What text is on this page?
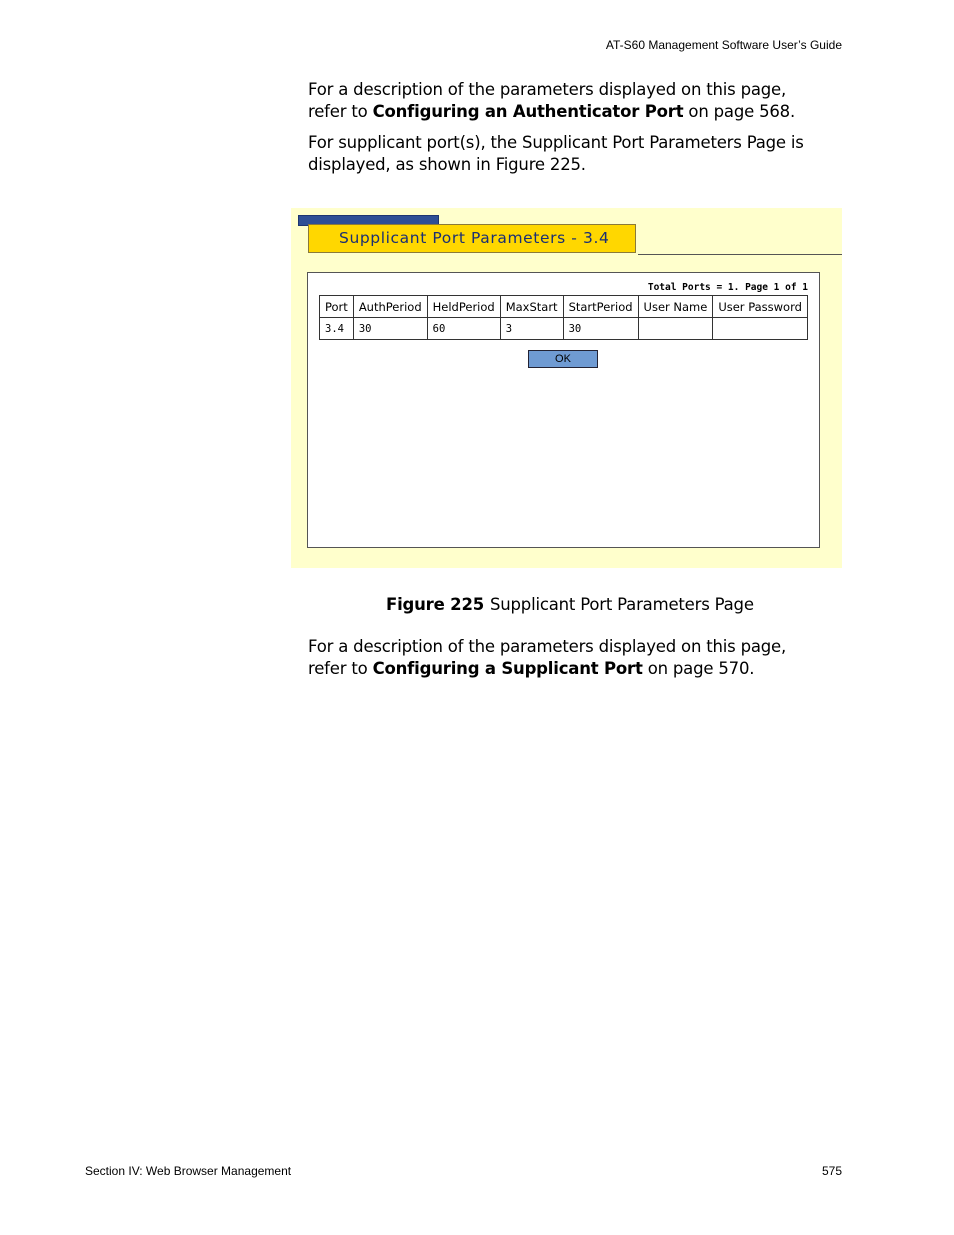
AT-S60 Management Software User’s Guide
For a description of the parameters displayed on this page, refer to Configuring an Authenticator Port on page 568.
For supplicant port(s), the Supplicant Port Parameters Page is displayed, as shown in Figure 225.
Supplicant Port Parameters - 3.4
Total Ports = 1. Page 1 of 1
Port	AuthPeriod	HeldPeriod	MaxStart	StartPeriod	User Name	User Password
3.4	30	60	3	30		
OK
Figure 225 Supplicant Port Parameters Page
For a description of the parameters displayed on this page, refer to Configuring a Supplicant Port on page 570.
Section IV: Web Browser Management	575
